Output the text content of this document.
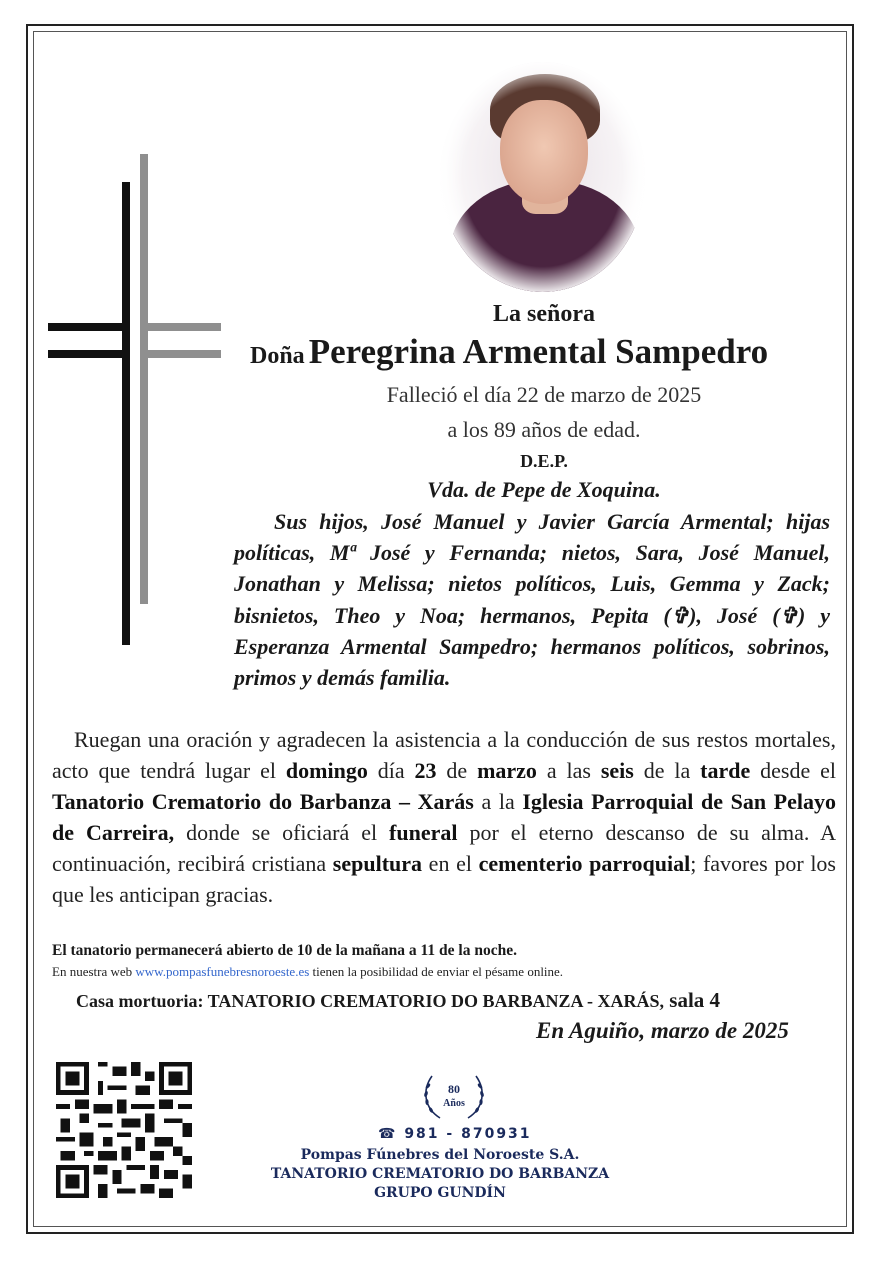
La señora
Doña Peregrina Armental Sampedro
Falleció el día 22 de marzo de 2025
a los 89 años de edad.
D.E.P.
Vda. de Pepe de Xoquina.
Sus hijos, José Manuel y Javier García Armental; hijas políticas, Mª José y Fernanda; nietos, Sara, José Manuel, Jonathan y Melissa; nietos políticos, Luis, Gemma y Zack; bisnietos, Theo y Noa; hermanos, Pepita (✞), José (✞) y Esperanza Armental Sampedro; hermanos políticos, sobrinos, primos y demás familia.
Ruegan una oración y agradecen la asistencia a la conducción de sus restos mortales, acto que tendrá lugar el domingo día 23 de marzo a las seis de la tarde desde el Tanatorio Crematorio do Barbanza – Xarás a la Iglesia Parroquial de San Pelayo de Carreira, donde se oficiará el funeral por el eterno descanso de su alma. A continuación, recibirá cristiana sepultura en el cementerio parroquial; favores por los que les anticipan gracias.
El tanatorio permanecerá abierto de 10 de la mañana a 11 de la noche.
En nuestra web www.pompasfunebresnoroeste.es tienen la posibilidad de enviar el pésame online.
Casa mortuoria: TANATORIO CREMATORIO DO BARBANZA - XARÁS, sala 4
En Aguiño, marzo de 2025
80
Años
☎ 981 - 870931
Pompas Fúnebres del Noroeste S.A.
TANATORIO CREMATORIO DO BARBANZA
GRUPO GUNDÍN
